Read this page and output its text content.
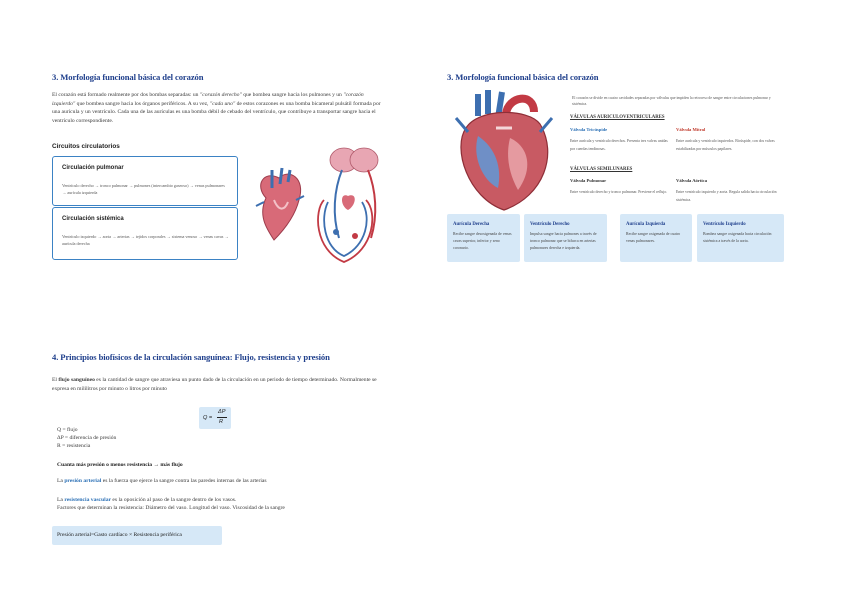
3. Morfología funcional básica del corazón
El corazón está formado realmente por dos bombas separadas: un "corazón derecho" que bombea sangre hacia los pulmones y un "corazón izquierdo" que bombea sangre hacia los órganos periféricos. A su vez, "cada uno" de estos corazones es una bomba bicameral pulsátil formada por una aurícula y un ventrículo. Cada una de las aurículas es una bomba débil de cebado del ventrículo, que contribuye a transportar sangre hacia el ventrículo correspondiente.
Circuitos circulatorios
Circulación pulmonar
Ventrículo derecho → tronco pulmonar → pulmones (intercambio gaseoso) → venas pulmonares → aurícula izquierda
Circulación sistémica
Ventrículo izquierdo → aorta → arterias → tejidos corporales → sistema venoso → venas cavas → aurícula derecha
3. Morfología funcional básica del corazón
El corazón se divide en cuatro cavidades separadas por válvulas que impiden la retroceso de sangre entre circulaciones pulmonar y sistémica.
VÁLVULAS AURICULOVENTRICULARES
Válvula Tricúspide
Entre aurícula y ventrículo derechos. Presenta tres valvas unidas por cuerdas tendinosas.
Válvula Mitral
Entre aurícula y ventrículo izquierdos. Bicúspide, con dos valvas estabilizadas por músculos papilares.
VÁLVULAS SEMILUNARES
Válvula Pulmonar
Entre ventrículo derecho y tronco pulmonar. Previene el reflujo.
Válvula Aórtica
Entre ventrículo izquierdo y aorta. Regula salida hacia circulación sistémica.
Aurícula Derecha
Recibe sangre desoxigenada de venas cavas superior, inferior y seno coronario.
Ventrículo Derecho
Impulsa sangre hacia pulmones a través de tronco pulmonar que se bifurca en arterias pulmonares derecha e izquierda.
Aurícula Izquierda
Recibe sangre oxigenada de cuatro venas pulmonares.
Ventrículo Izquierdo
Bombea sangre oxigenada hacia circulación sistémica a través de la aorta.
4. Principios biofísicos de la circulación sanguínea: Flujo, resistencia y presión
El flujo sanguíneo es la cantidad de sangre que atraviesa un punto dado de la circulación en un periodo de tiempo determinado. Normalmente se expresa en mililitros por minuto o litros por minuto
Q =
ΔP
R
Q = flujo
ΔP = diferencia de presión
R = resistencia
Cuanta más presión o menos resistencia → más flujo
La presión arterial es la fuerza que ejerce la sangre contra las paredes internas de las arterias
La resistencia vascular es la oposición al paso de la sangre dentro de los vasos.
Factores que determinan la resistencia: Diámetro del vaso. Longitud del vaso. Viscosidad de la sangre
Presión arterial=Gasto cardíaco × Resistencia periférica
